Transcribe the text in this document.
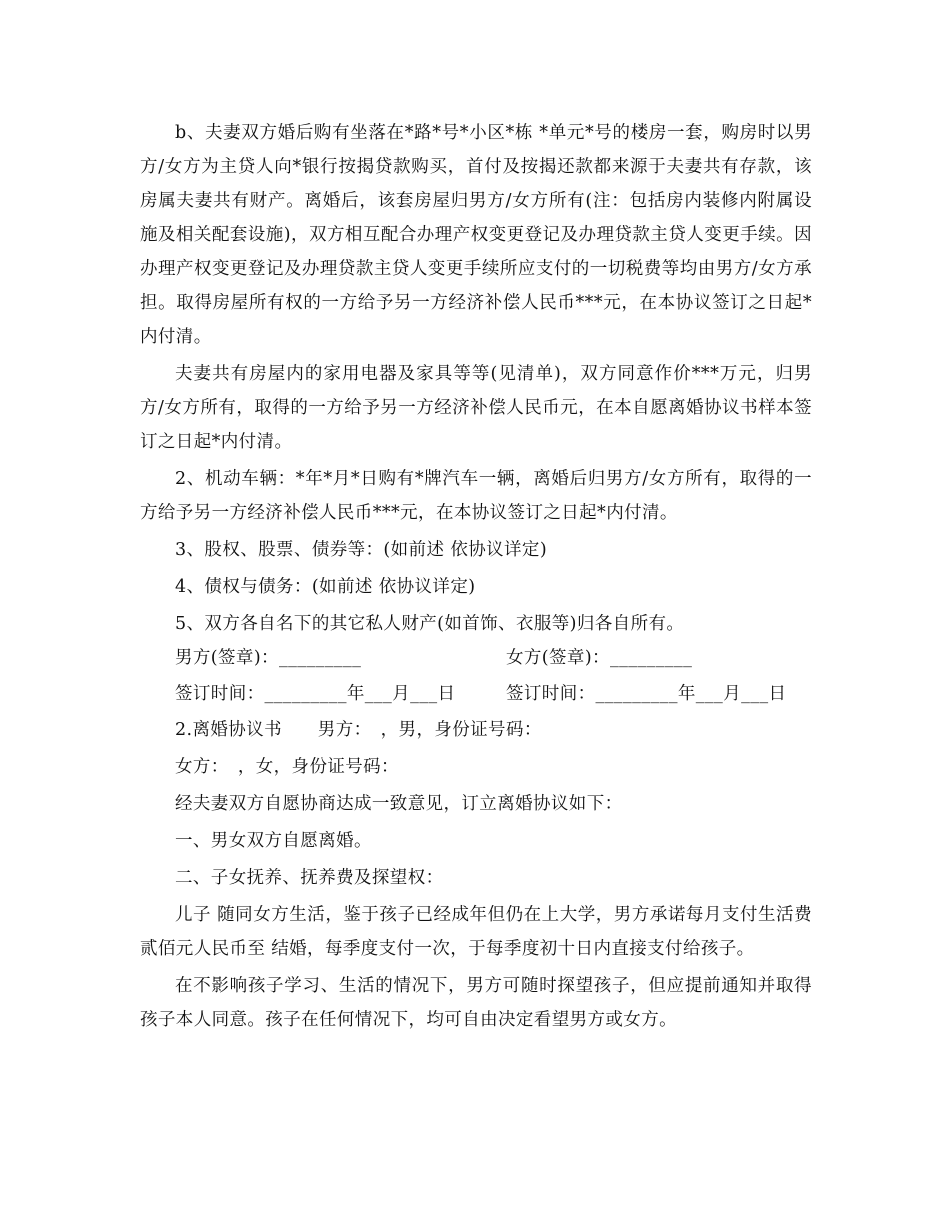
b、夫妻双方婚后购有坐落在*路*号*小区*栋 *单元*号的楼房一套，购房时以男方/女方为主贷人向*银行按揭贷款购买，首付及按揭还款都来源于夫妻共有存款，该房属夫妻共有财产。离婚后，该套房屋归男方/女方所有(注：包括房内装修内附属设施及相关配套设施)，双方相互配合办理产权变更登记及办理贷款主贷人变更手续。因办理产权变更登记及办理贷款主贷人变更手续所应支付的一切税费等均由男方/女方承担。取得房屋所有权的一方给予另一方经济补偿人民币***元，在本协议签订之日起*内付清。

夫妻共有房屋内的家用电器及家具等等(见清单)，双方同意作价***万元，归男方/女方所有，取得的一方给予另一方经济补偿人民币元，在本自愿离婚协议书样本签订之日起*内付清。

2、机动车辆：*年*月*日购有*牌汽车一辆，离婚后归男方/女方所有，取得的一方给予另一方经济补偿人民币***元，在本协议签订之日起*内付清。

3、股权、股票、债券等：(如前述 依协议详定)

4、债权与债务：(如前述 依协议详定)

5、双方各自名下的其它私人财产(如首饰、衣服等)归各自所有。

男方(签章)：_________	女方(签章)：_________
签订时间：_________年___月___日	签订时间：_________年___月___日

2.离婚协议书　　男方：　，男，身份证号码：

女方：　，女，身份证号码：

经夫妻双方自愿协商达成一致意见，订立离婚协议如下：

一、男女双方自愿离婚。

二、子女抚养、抚养费及探望权：

儿子 随同女方生活，鉴于孩子已经成年但仍在上大学，男方承诺每月支付生活费贰佰元人民币至 结婚，每季度支付一次，于每季度初十日内直接支付给孩子。

在不影响孩子学习、生活的情况下，男方可随时探望孩子，但应提前通知并取得孩子本人同意。孩子在任何情况下，均可自由决定看望男方或女方。
